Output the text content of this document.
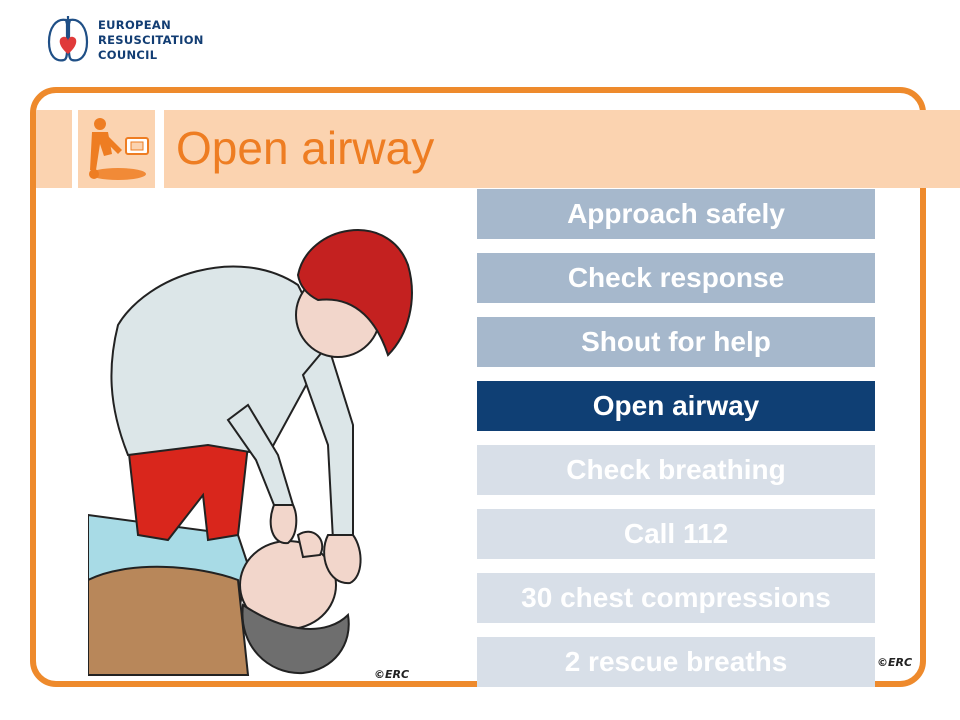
EUROPEAN
RESUSCITATION
COUNCIL
Open airway
©ERC
©ERC
Approach safely
Check response
Shout for help
Open airway
Check breathing
Call 112
30 chest compressions
2 rescue breaths
